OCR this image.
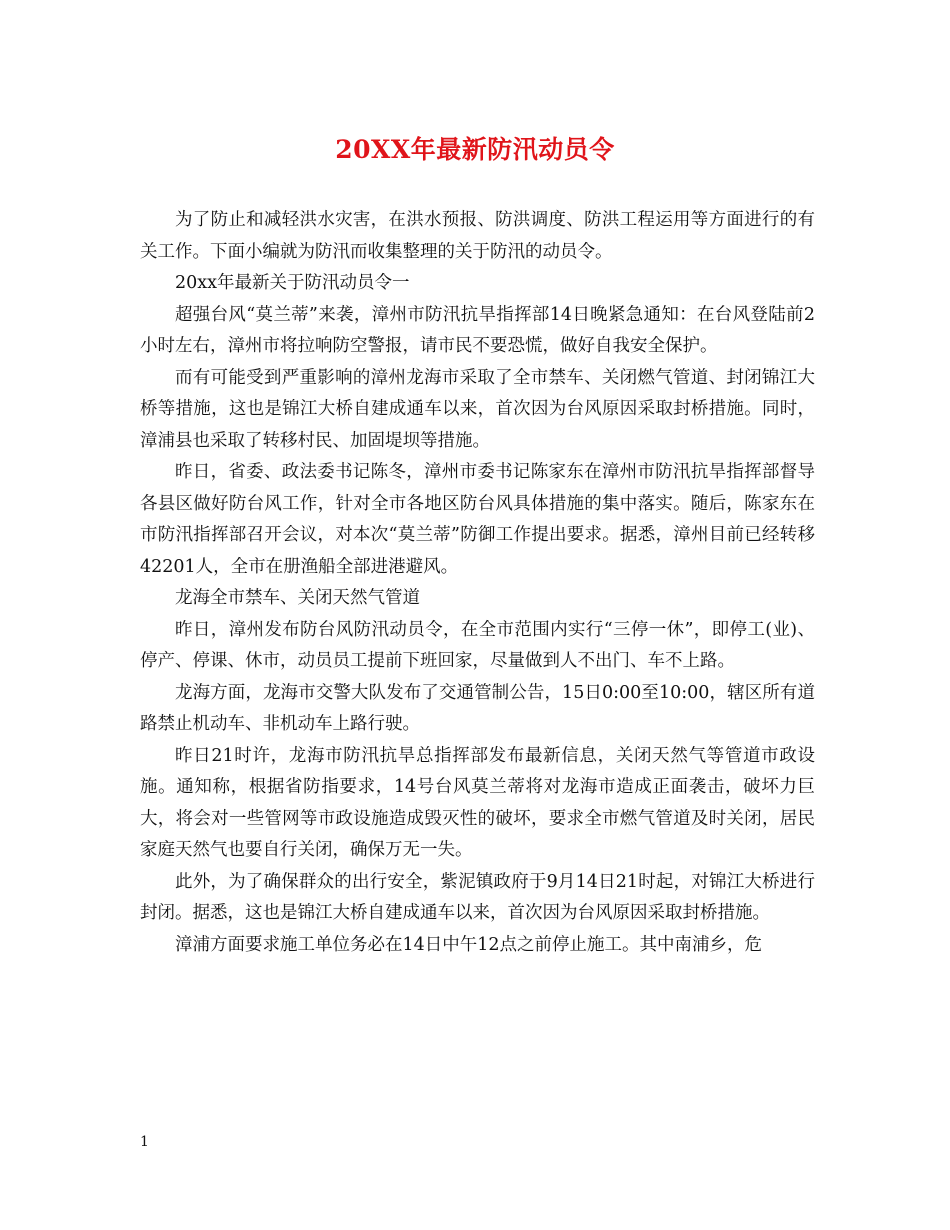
20XX年最新防汛动员令

为了防止和减轻洪水灾害，在洪水预报、防洪调度、防洪工程运用等方面进行的有关工作。下面小编就为防汛而收集整理的关于防汛的动员令。

20xx年最新关于防汛动员令一

超强台风“莫兰蒂”来袭，漳州市防汛抗旱指挥部14日晚紧急通知：在台风登陆前2小时左右，漳州市将拉响防空警报，请市民不要恐慌，做好自我安全保护。

而有可能受到严重影响的漳州龙海市采取了全市禁车、关闭燃气管道、封闭锦江大桥等措施，这也是锦江大桥自建成通车以来，首次因为台风原因采取封桥措施。同时，漳浦县也采取了转移村民、加固堤坝等措施。

昨日，省委、政法委书记陈冬，漳州市委书记陈家东在漳州市防汛抗旱指挥部督导各县区做好防台风工作，针对全市各地区防台风具体措施的集中落实。随后，陈家东在市防汛指挥部召开会议，对本次“莫兰蒂”防御工作提出要求。据悉，漳州目前已经转移42201人，全市在册渔船全部进港避风。

龙海全市禁车、关闭天然气管道

昨日，漳州发布防台风防汛动员令，在全市范围内实行“三停一休”，即停工(业)、停产、停课、休市，动员员工提前下班回家，尽量做到人不出门、车不上路。

龙海方面，龙海市交警大队发布了交通管制公告，15日0:00至10:00，辖区所有道路禁止机动车、非机动车上路行驶。

昨日21时许，龙海市防汛抗旱总指挥部发布最新信息，关闭天然气等管道市政设施。通知称，根据省防指要求，14号台风莫兰蒂将对龙海市造成正面袭击，破坏力巨大，将会对一些管网等市政设施造成毁灭性的破坏，要求全市燃气管道及时关闭，居民家庭天然气也要自行关闭，确保万无一失。

此外，为了确保群众的出行安全，紫泥镇政府于9月14日21时起，对锦江大桥进行封闭。据悉，这也是锦江大桥自建成通车以来，首次因为台风原因采取封桥措施。

漳浦方面要求施工单位务必在14日中午12点之前停止施工。其中南浦乡，危

1
